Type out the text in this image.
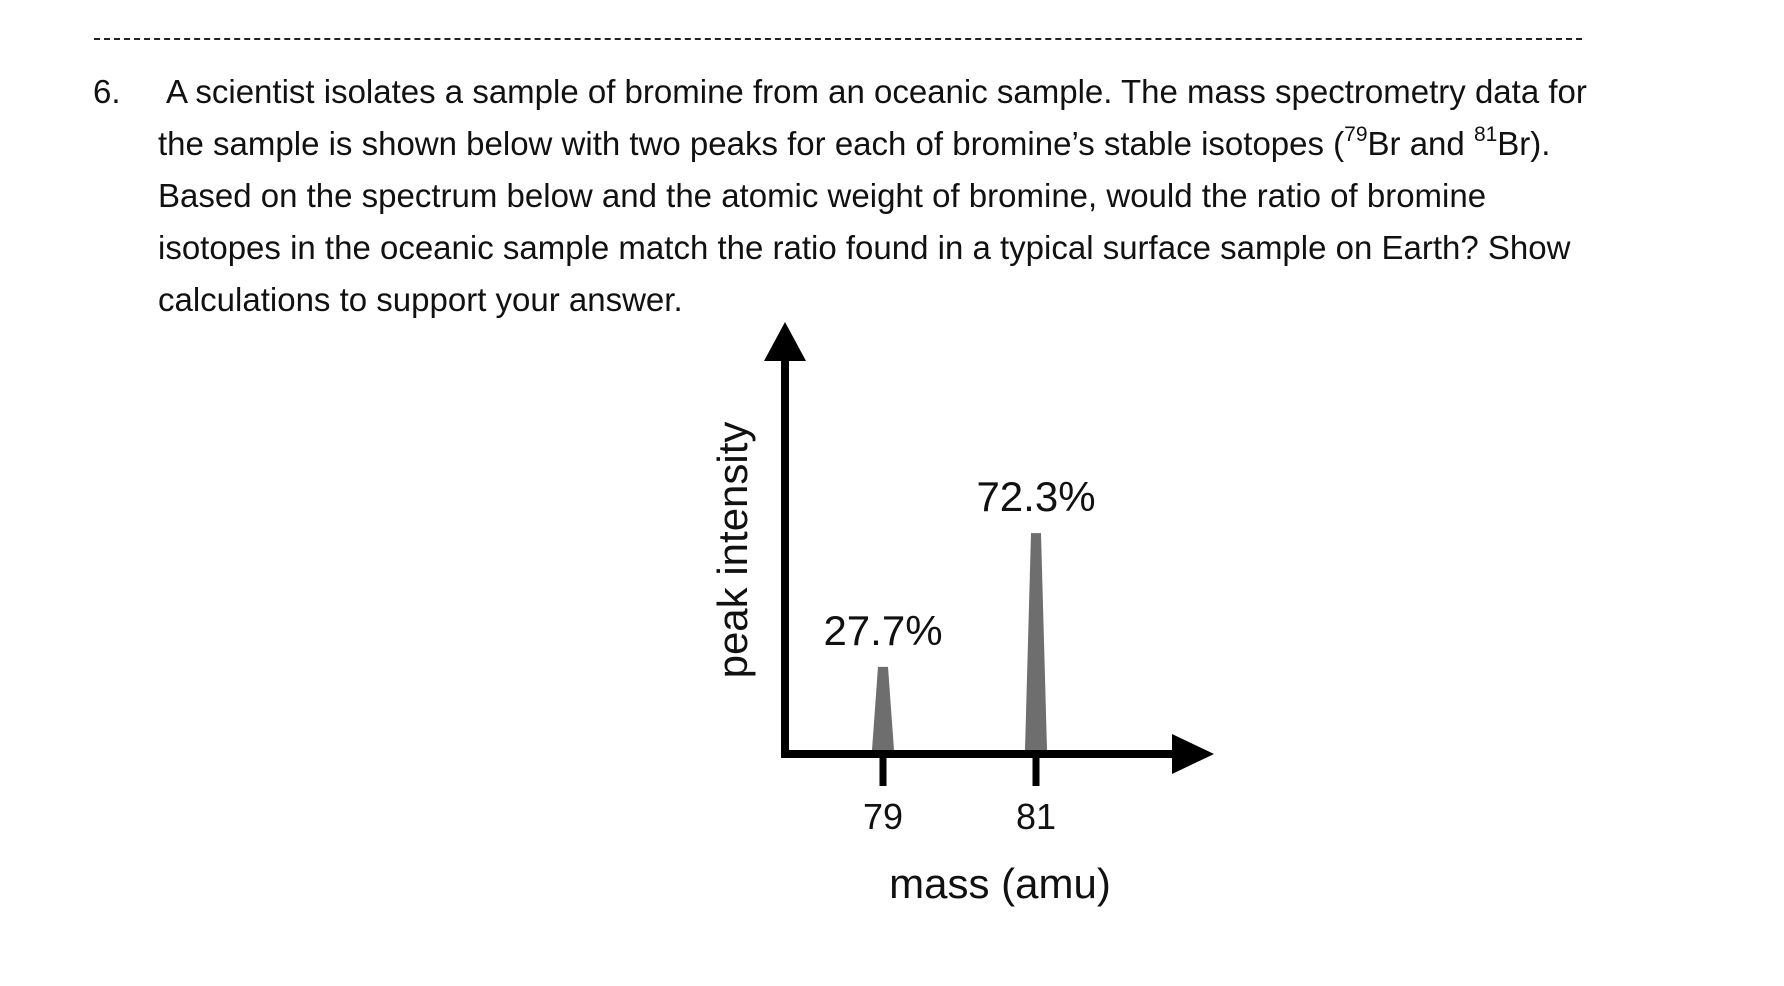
6. A scientist isolates a sample of bromine from an oceanic sample. The mass spectrometry data for
the sample is shown below with two peaks for each of bromine’s stable isotopes ($^{79}$Br and $^{81}$Br).
Based on the spectrum below and the atomic weight of bromine, would the ratio of bromine
isotopes in the oceanic sample match the ratio found in a typical surface sample on Earth? Show
calculations to support your answer.
79	81
27.7%
72.3%
mass (amu)
peak intensity
